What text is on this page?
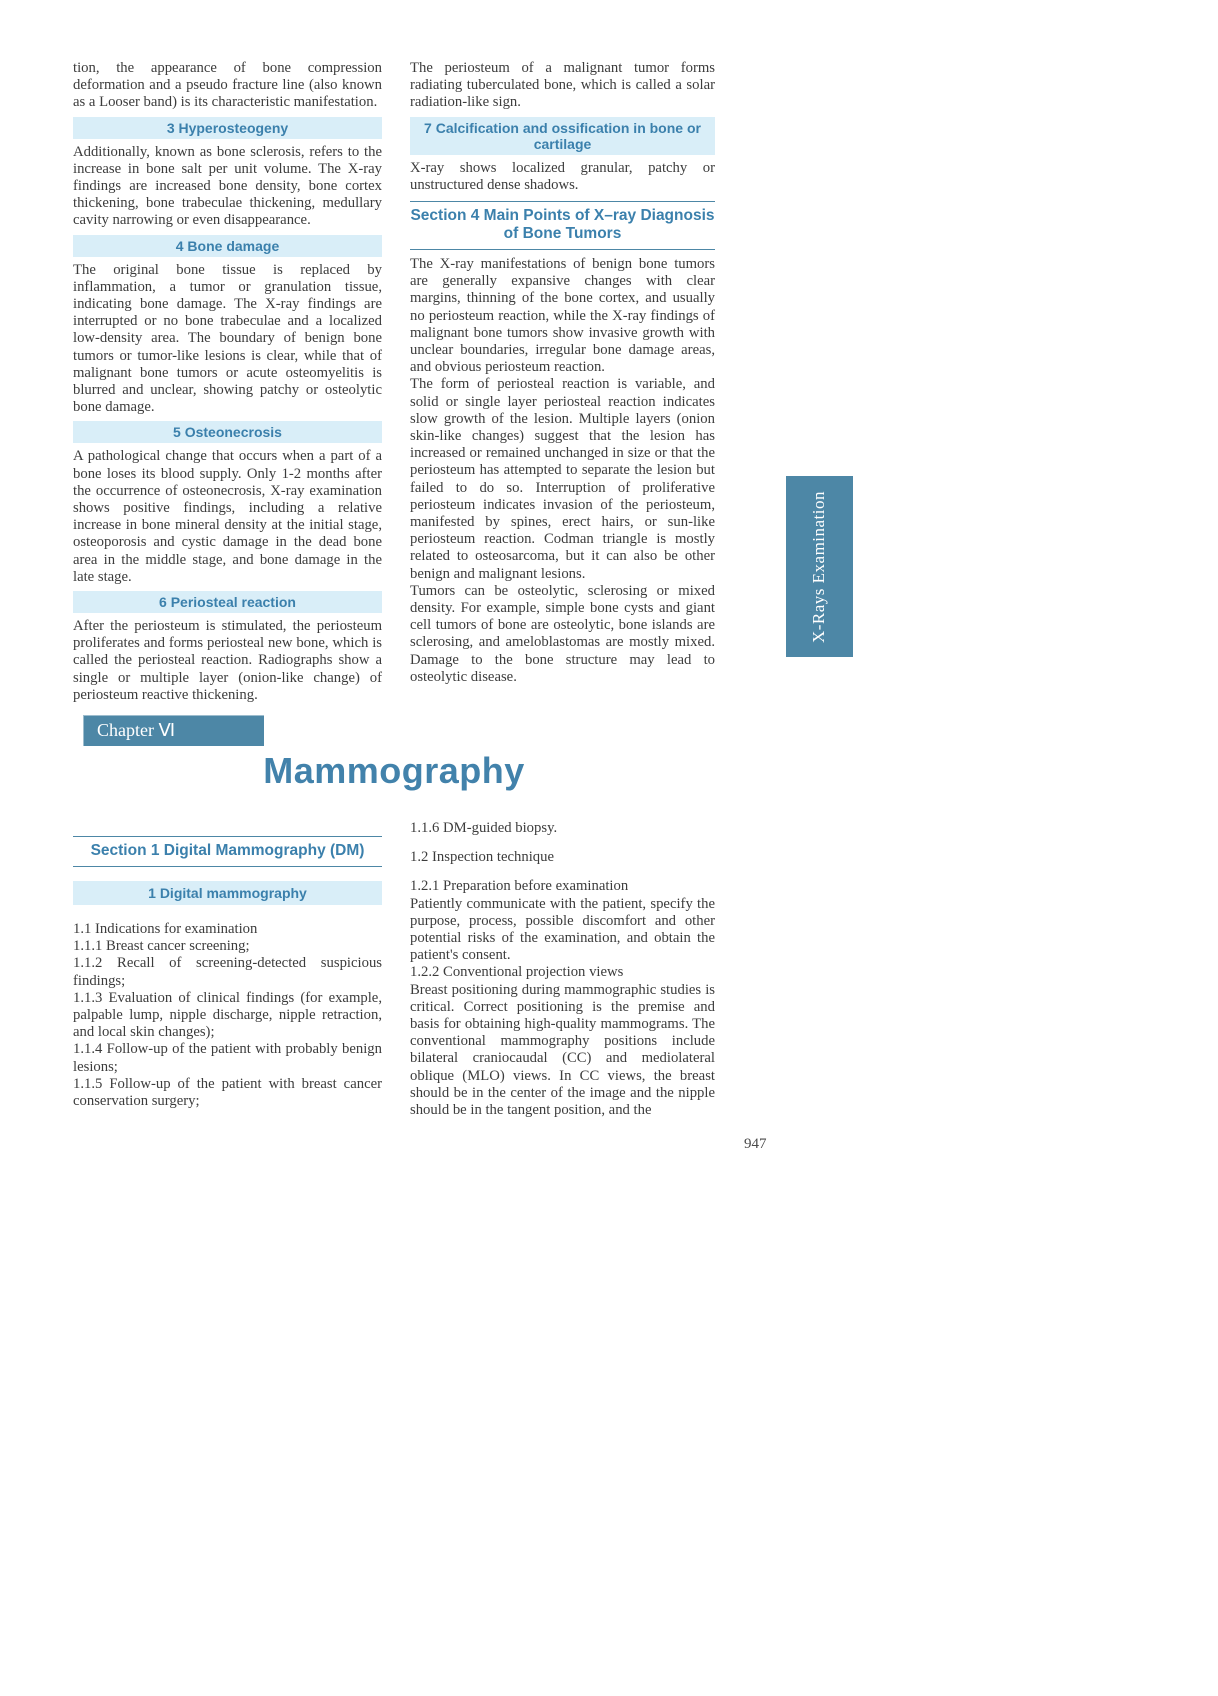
tion, the appearance of bone compression deformation and a pseudo fracture line (also known as a Looser band) is its characteristic manifestation.

3 Hyperosteogeny

Additionally, known as bone sclerosis, refers to the increase in bone salt per unit volume. The X-ray findings are increased bone density, bone cortex thickening, bone trabeculae thickening, medullary cavity narrowing or even disappearance.

4 Bone damage

The original bone tissue is replaced by inflammation, a tumor or granulation tissue, indicating bone damage. The X-ray findings are interrupted or no bone trabeculae and a localized low-density area. The boundary of benign bone tumors or tumor-like lesions is clear, while that of malignant bone tumors or acute osteomyelitis is blurred and unclear, showing patchy or osteolytic bone damage.

5 Osteonecrosis

A pathological change that occurs when a part of a bone loses its blood supply. Only 1-2 months after the occurrence of osteonecrosis, X-ray examination shows positive findings, including a relative increase in bone mineral density at the initial stage, osteoporosis and cystic damage in the dead bone area in the middle stage, and bone damage in the late stage.

6 Periosteal reaction

After the periosteum is stimulated, the periosteum proliferates and forms periosteal new bone, which is called the periosteal reaction. Radiographs show a single or multiple layer (onion-like change) of periosteum reactive thickening.

The periosteum of a malignant tumor forms radiating tuberculated bone, which is called a solar radiation-like sign.

7 Calcification and ossification in bone or cartilage

X-ray shows localized granular, patchy or unstructured dense shadows.

Section 4 Main Points of X–ray Diagnosis of Bone Tumors

The X-ray manifestations of benign bone tumors are generally expansive changes with clear margins, thinning of the bone cortex, and usually no periosteum reaction, while the X-ray findings of malignant bone tumors show invasive growth with unclear boundaries, irregular bone damage areas, and obvious periosteum reaction.

The form of periosteal reaction is variable, and solid or single layer periosteal reaction indicates slow growth of the lesion. Multiple layers (onion skin-like changes) suggest that the lesion has increased or remained unchanged in size or that the periosteum has attempted to separate the lesion but failed to do so. Interruption of proliferative periosteum indicates invasion of the periosteum, manifested by spines, erect hairs, or sun-like periosteum reaction. Codman triangle is mostly related to osteosarcoma, but it can also be other benign and malignant lesions.

Tumors can be osteolytic, sclerosing or mixed density. For example, simple bone cysts and giant cell tumors of bone are osteolytic, bone islands are sclerosing, and ameloblastomas are mostly mixed. Damage to the bone structure may lead to osteolytic disease.

X-Rays Examination
Chapter Ⅵ
Mammography
Section 1 Digital Mammography (DM)
1 Digital mammography

1.1 Indications for examination

1.1.1 Breast cancer screening;

1.1.2 Recall of screening-detected suspicious findings;

1.1.3 Evaluation of clinical findings (for example, palpable lump, nipple discharge, nipple retraction, and local skin changes);

1.1.4 Follow-up of the patient with probably benign lesions;

1.1.5 Follow-up of the patient with breast cancer conservation surgery;

1.1.6 DM-guided biopsy.

1.2 Inspection technique

1.2.1 Preparation before examination

Patiently communicate with the patient, specify the purpose, process, possible discomfort and other potential risks of the examination, and obtain the patient's consent.

1.2.2 Conventional projection views

Breast positioning during mammographic studies is critical. Correct positioning is the premise and basis for obtaining high-quality mammograms. The conventional mammography positions include bilateral craniocaudal (CC) and mediolateral oblique (MLO) views. In CC views, the breast should be in the center of the image and the nipple should be in the tangent position, and the

947
